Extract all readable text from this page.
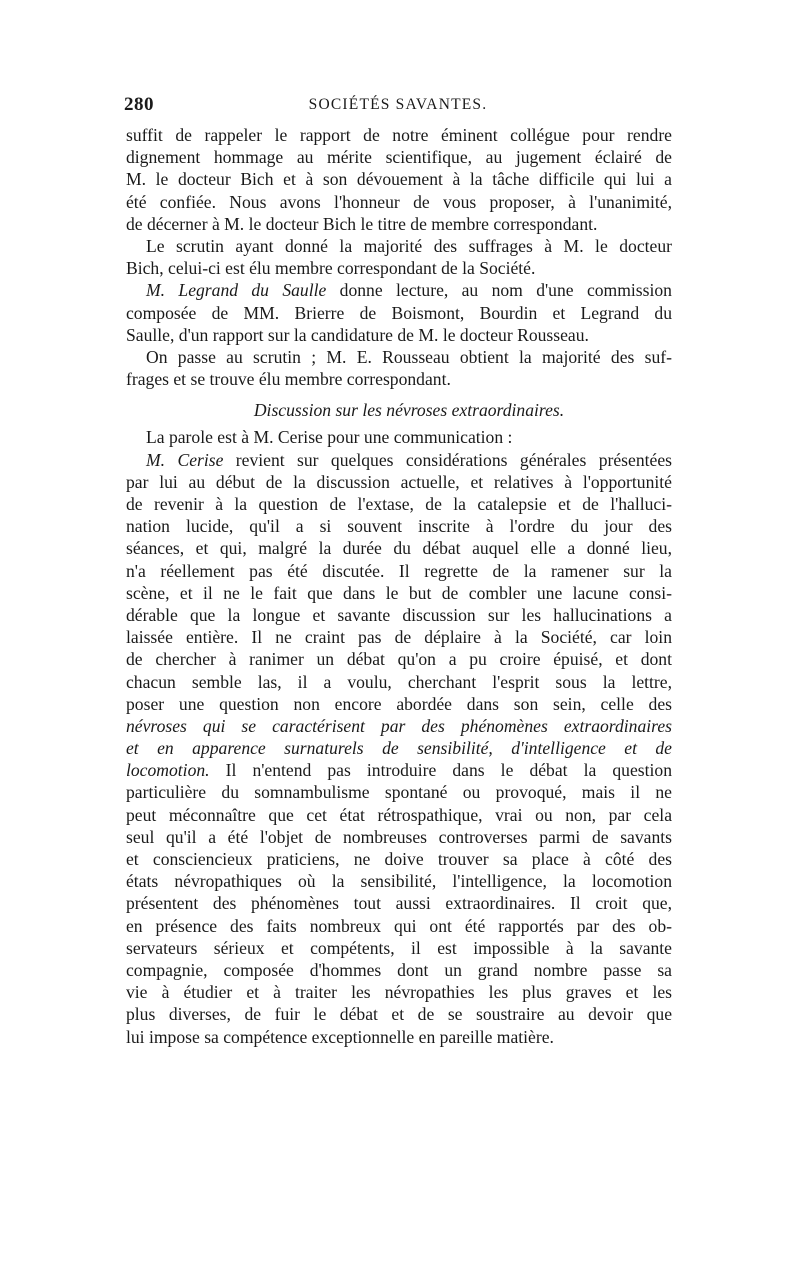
280	SOCIÉTÉS SAVANTES.
suffit de rappeler le rapport de notre éminent collégue pour rendre
dignement hommage au mérite scientifique, au jugement éclairé de
M. le docteur Bich et à son dévouement à la tâche difficile qui lui a
été confiée. Nous avons l'honneur de vous proposer, à l'unanimité,
de décerner à M. le docteur Bich le titre de membre correspondant.
Le scrutin ayant donné la majorité des suffrages à M. le docteur
Bich, celui-ci est élu membre correspondant de la Société.
M. Legrand du Saulle donne lecture, au nom d'une commission
composée de MM. Brierre de Boismont, Bourdin et Legrand du
Saulle, d'un rapport sur la candidature de M. le docteur Rousseau.
On passe au scrutin ; M. E. Rousseau obtient la majorité des suf-
frages et se trouve élu membre correspondant.
Discussion sur les névroses extraordinaires.
La parole est à M. Cerise pour une communication :
M. Cerise revient sur quelques considérations générales présentées
par lui au début de la discussion actuelle, et relatives à l'opportunité
de revenir à la question de l'extase, de la catalepsie et de l'halluci-
nation lucide, qu'il a si souvent inscrite à l'ordre du jour des
séances, et qui, malgré la durée du débat auquel elle a donné lieu,
n'a réellement pas été discutée. Il regrette de la ramener sur la
scène, et il ne le fait que dans le but de combler une lacune consi-
dérable que la longue et savante discussion sur les hallucinations a
laissée entière. Il ne craint pas de déplaire à la Société, car loin
de chercher à ranimer un débat qu'on a pu croire épuisé, et dont
chacun semble las, il a voulu, cherchant l'esprit sous la lettre,
poser une question non encore abordée dans son sein, celle des
névroses qui se caractérisent par des phénomènes extraordinaires
et en apparence surnaturels de sensibilité, d'intelligence et de
locomotion. Il n'entend pas introduire dans le débat la question
particulière du somnambulisme spontané ou provoqué, mais il ne
peut méconnaître que cet état rétrospathique, vrai ou non, par cela
seul qu'il a été l'objet de nombreuses controverses parmi de savants
et consciencieux praticiens, ne doive trouver sa place à côté des
états névropathiques où la sensibilité, l'intelligence, la locomotion
présentent des phénomènes tout aussi extraordinaires. Il croit que,
en présence des faits nombreux qui ont été rapportés par des ob-
servateurs sérieux et compétents, il est impossible à la savante
compagnie, composée d'hommes dont un grand nombre passe sa
vie à étudier et à traiter les névropathies les plus graves et les
plus diverses, de fuir le débat et de se soustraire au devoir que
lui impose sa compétence exceptionnelle en pareille matière.
